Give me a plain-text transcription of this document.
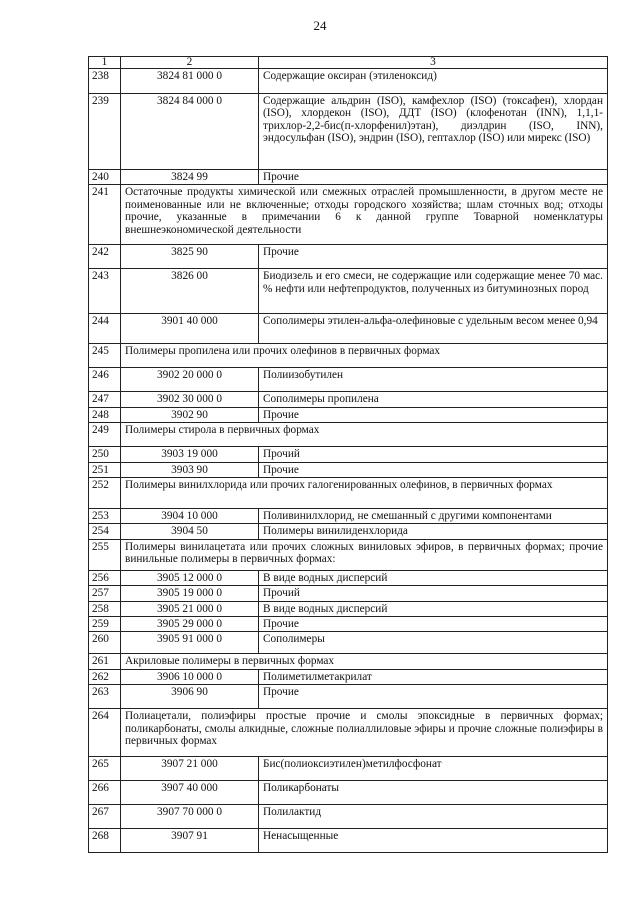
24
1	2	3
238	3824 81 000 0	Содержащие оксиран (этиленоксид)
239	3824 84 000 0	Содержащие альдрин (ISO), камфехлор (ISO) (токсафен), хлордан (ISO), хлордекон (ISO), ДДТ (ISO) (клофенотан (INN), 1,1,1-трихлор-2,2-бис(п-хлорфенил)этан), диэлдрин (ISO, INN), эндосульфан (ISO), эндрин (ISO), гептахлор (ISO) или мирекс (ISO)
240	3824 99	Прочие
241	Остаточные продукты химической или смежных отраслей промышленности, в другом месте не поименованные или не включенные; отходы городского хозяйства; шлам сточных вод; отходы прочие, указанные в примечании 6 к данной группе Товарной номенклатуры внешнеэкономической деятельности	
242	3825 90	Прочие
243	3826 00	Биодизель и его смеси, не содержащие или содержащие менее 70 мас. % нефти или нефтепродуктов, полученных из битуминозных пород
244	3901 40 000	Сополимеры этилен-альфа-олефиновые с удельным весом менее 0,94
245	Полимеры пропилена или прочих олефинов в первичных формах	
246	3902 20 000 0	Полиизобутилен
247	3902 30 000 0	Сополимеры пропилена
248	3902 90	Прочие
249	Полимеры стирола в первичных формах	
250	3903 19 000	Прочий
251	3903 90	Прочие
252	Полимеры винилхлорида или прочих галогенированных олефинов, в первичных формах	
253	3904 10 000	Поливинилхлорид, не смешанный с другими компонентами
254	3904 50	Полимеры винилиденхлорида
255	Полимеры винилацетата или прочих сложных виниловых эфиров, в первичных формах; прочие винильные полимеры в первичных формах:	
256	3905 12 000 0	В виде водных дисперсий
257	3905 19 000 0	Прочий
258	3905 21 000 0	В виде водных дисперсий
259	3905 29 000 0	Прочие
260	3905 91 000 0	Сополимеры
261	Акриловые полимеры в первичных формах	
262	3906 10 000 0	Полиметилметакрилат
263	3906 90	Прочие
264	Полиацетали, полиэфиры простые прочие и смолы эпоксидные в первичных формах; поликарбонаты, смолы алкидные, сложные полиаллиловые эфиры и прочие сложные полиэфиры в первичных формах	
265	3907 21 000	Бис(полиоксиэтилен)метилфосфонат
266	3907 40 000	Поликарбонаты
267	3907 70 000 0	Полилактид
268	3907 91	Ненасыщенные
